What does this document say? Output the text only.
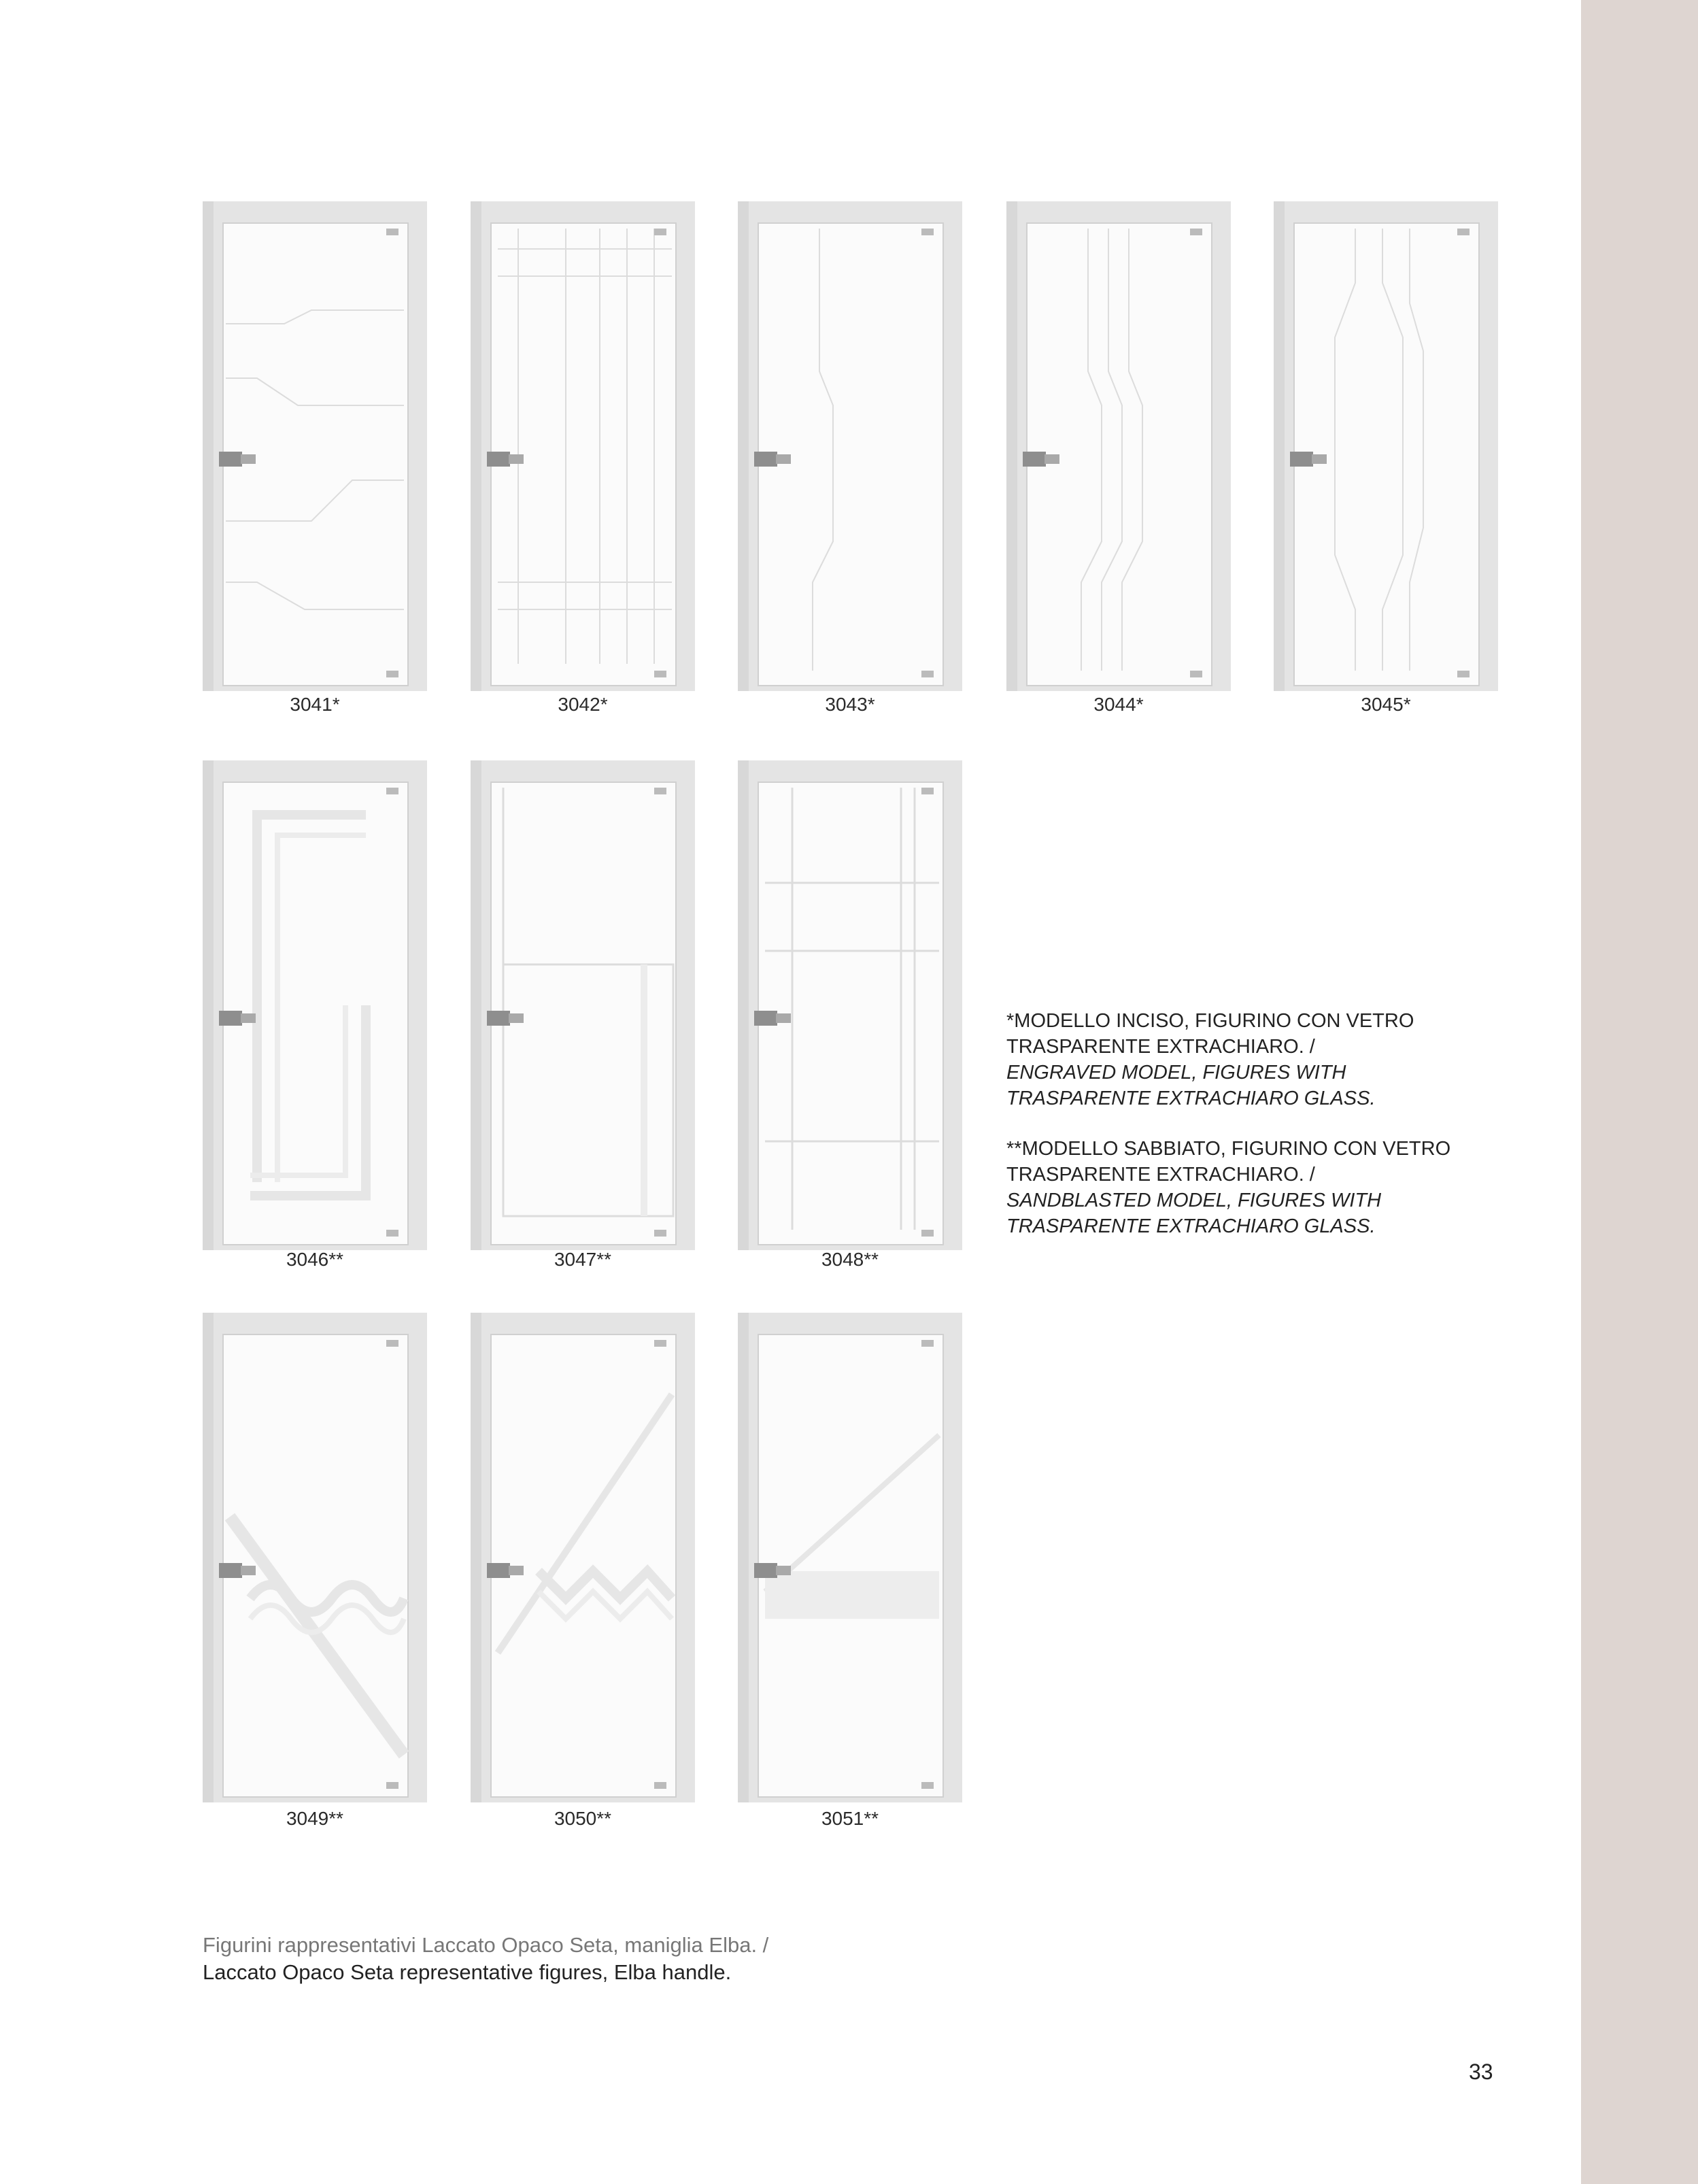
3041*	3042*	3043*	3044*	3045*
3046**	3047**	3048**

*MODELLO INCISO, FIGURINO CON VETRO TRASPARENTE EXTRACHIARO. /
ENGRAVED MODEL, FIGURES WITH TRASPARENTE EXTRACHIARO GLASS.

**MODELLO SABBIATO, FIGURINO CON VETRO TRASPARENTE EXTRACHIARO. /
SANDBLASTED MODEL, FIGURES WITH TRASPARENTE EXTRACHIARO GLASS.

3049**	3050**	3051**
Figurini rappresentativi Laccato Opaco Seta, maniglia Elba. /
Laccato Opaco Seta representative figures, Elba handle.
33
